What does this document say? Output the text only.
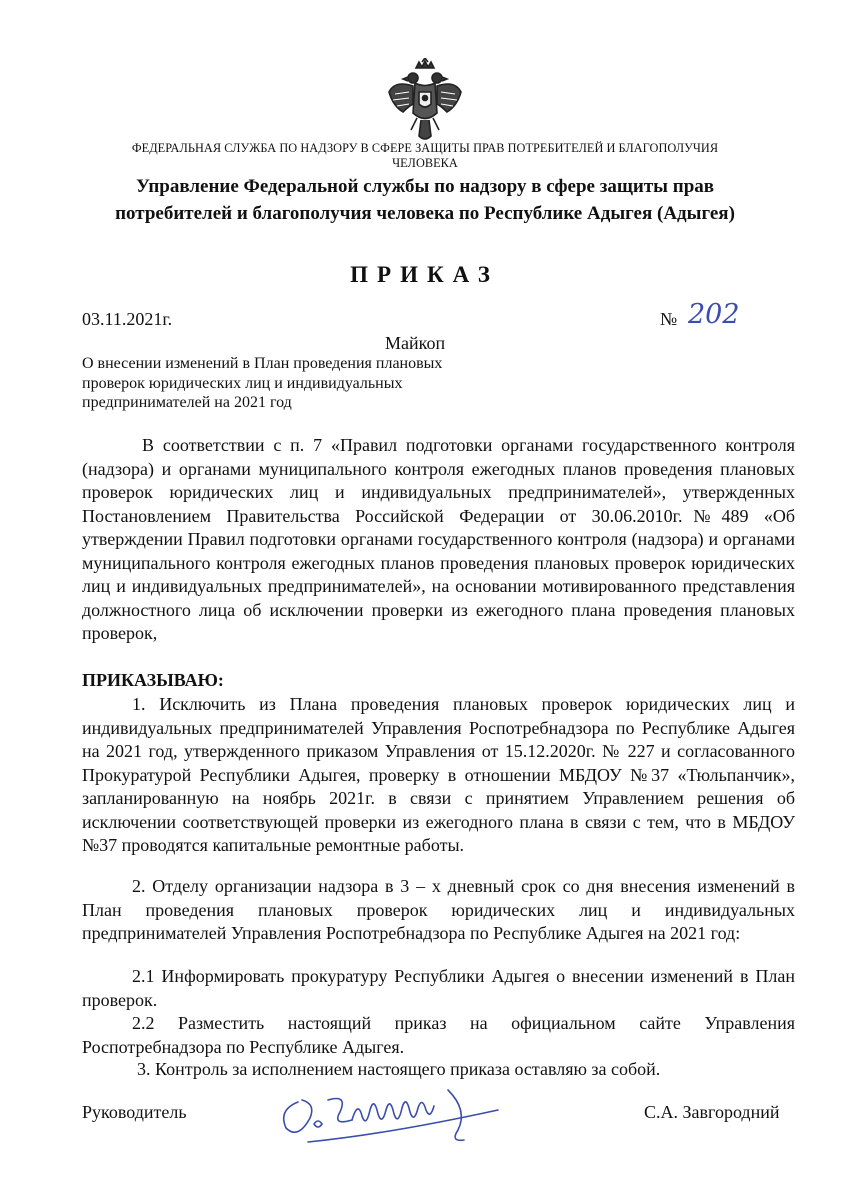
ФЕДЕРАЛЬНАЯ СЛУЖБА ПО НАДЗОРУ В СФЕРЕ ЗАЩИТЫ ПРАВ ПОТРЕБИТЕЛЕЙ И БЛАГОПОЛУЧИЯ
ЧЕЛОВЕКА
Управление Федеральной службы по надзору в сфере защиты прав
потребителей и благополучия человека по Республике Адыгея (Адыгея)
ПРИКАЗ
03.11.2021г.	№ 202
Майкоп
О внесении изменений в План проведения плановых проверок юридических лиц и индивидуальных предпринимателей на 2021 год
В соответствии с п. 7 «Правил подготовки органами государственного контроля (надзора) и органами муниципального контроля ежегодных планов проведения плановых проверок юридических лиц и индивидуальных предпринимателей», утвержденных Постановлением Правительства Российской Федерации от 30.06.2010г.№489 «Об утверждении Правил подготовки органами государственного контроля (надзора) и органами муниципального контроля ежегодных планов проведения плановых проверок юридических лиц и индивидуальных предпринимателей», на основании мотивированного представления должностного лица об исключении проверки из ежегодного плана проведения плановых проверок,
ПРИКАЗЫВАЮ:
1. Исключить из Плана проведения плановых проверок юридических лиц и индивидуальных предпринимателей Управления Роспотребнадзора по Республике Адыгея на 2021 год, утвержденного приказом Управления от 15.12.2020г. № 227 и согласованного Прокуратурой Республики Адыгея, проверку в отношении МБДОУ №37 «Тюльпанчик», запланированную на ноябрь 2021г. в связи с принятием Управлением решения об исключении соответствующей проверки из ежегодного плана в связи с тем, что в МБДОУ №37 проводятся капитальные ремонтные работы.
2. Отделу организации надзора в 3 – х дневный срок со дня внесения изменений в План проведения плановых проверок юридических лиц и индивидуальных предпринимателей Управления Роспотребнадзора по Республике Адыгея на 2021 год:
2.1 Информировать прокуратуру Республики Адыгея о внесении изменений в План проверок.
2.2 Разместить настоящий приказ на официальном сайте Управления Роспотребнадзора по Республике Адыгея.
3. Контроль за исполнением настоящего приказа оставляю за собой.
Руководитель	С.А. Завгородний
